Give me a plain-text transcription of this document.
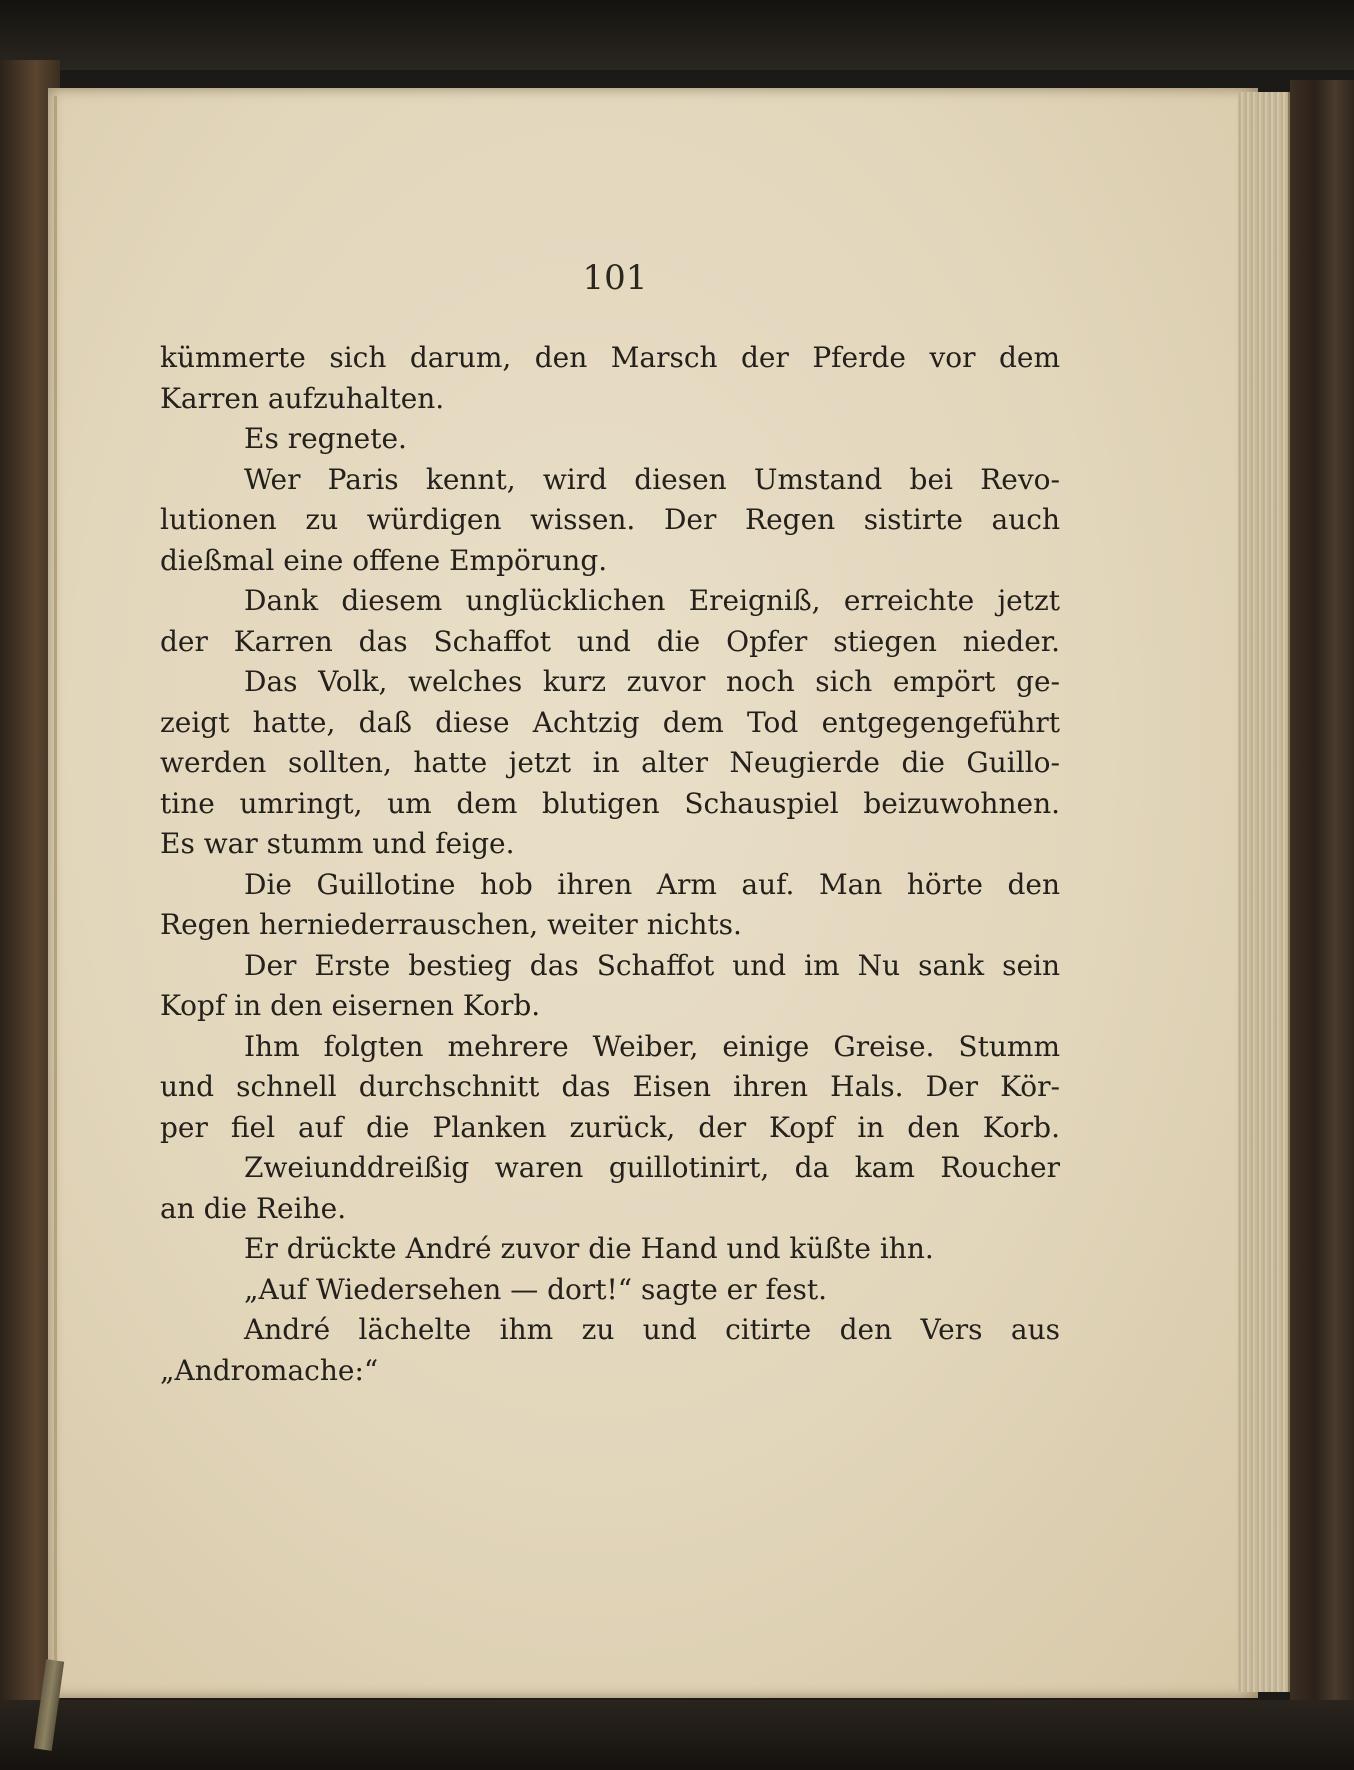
101
kümmerte sich darum, den Marsch der Pferde vor dem
Karren aufzuhalten.
Es regnete.
Wer Paris kennt, wird diesen Umstand bei Revo-
lutionen zu würdigen wissen. Der Regen sistirte auch
dießmal eine offene Empörung.
Dank diesem unglücklichen Ereigniß, erreichte jetzt
der Karren das Schaffot und die Opfer stiegen nieder.
Das Volk, welches kurz zuvor noch sich empört ge-
zeigt hatte, daß diese Achtzig dem Tod entgegengeführt
werden sollten, hatte jetzt in alter Neugierde die Guillo-
tine umringt, um dem blutigen Schauspiel beizuwohnen.
Es war stumm und feige.
Die Guillotine hob ihren Arm auf. Man hörte den
Regen herniederrauschen, weiter nichts.
Der Erste bestieg das Schaffot und im Nu sank sein
Kopf in den eisernen Korb.
Ihm folgten mehrere Weiber, einige Greise. Stumm
und schnell durchschnitt das Eisen ihren Hals. Der Kör-
per fiel auf die Planken zurück, der Kopf in den Korb.
Zweiunddreißig waren guillotinirt, da kam Roucher
an die Reihe.
Er drückte André zuvor die Hand und küßte ihn.
„Auf Wiedersehen — dort!“ sagte er fest.
André lächelte ihm zu und citirte den Vers aus
„Andromache:“
